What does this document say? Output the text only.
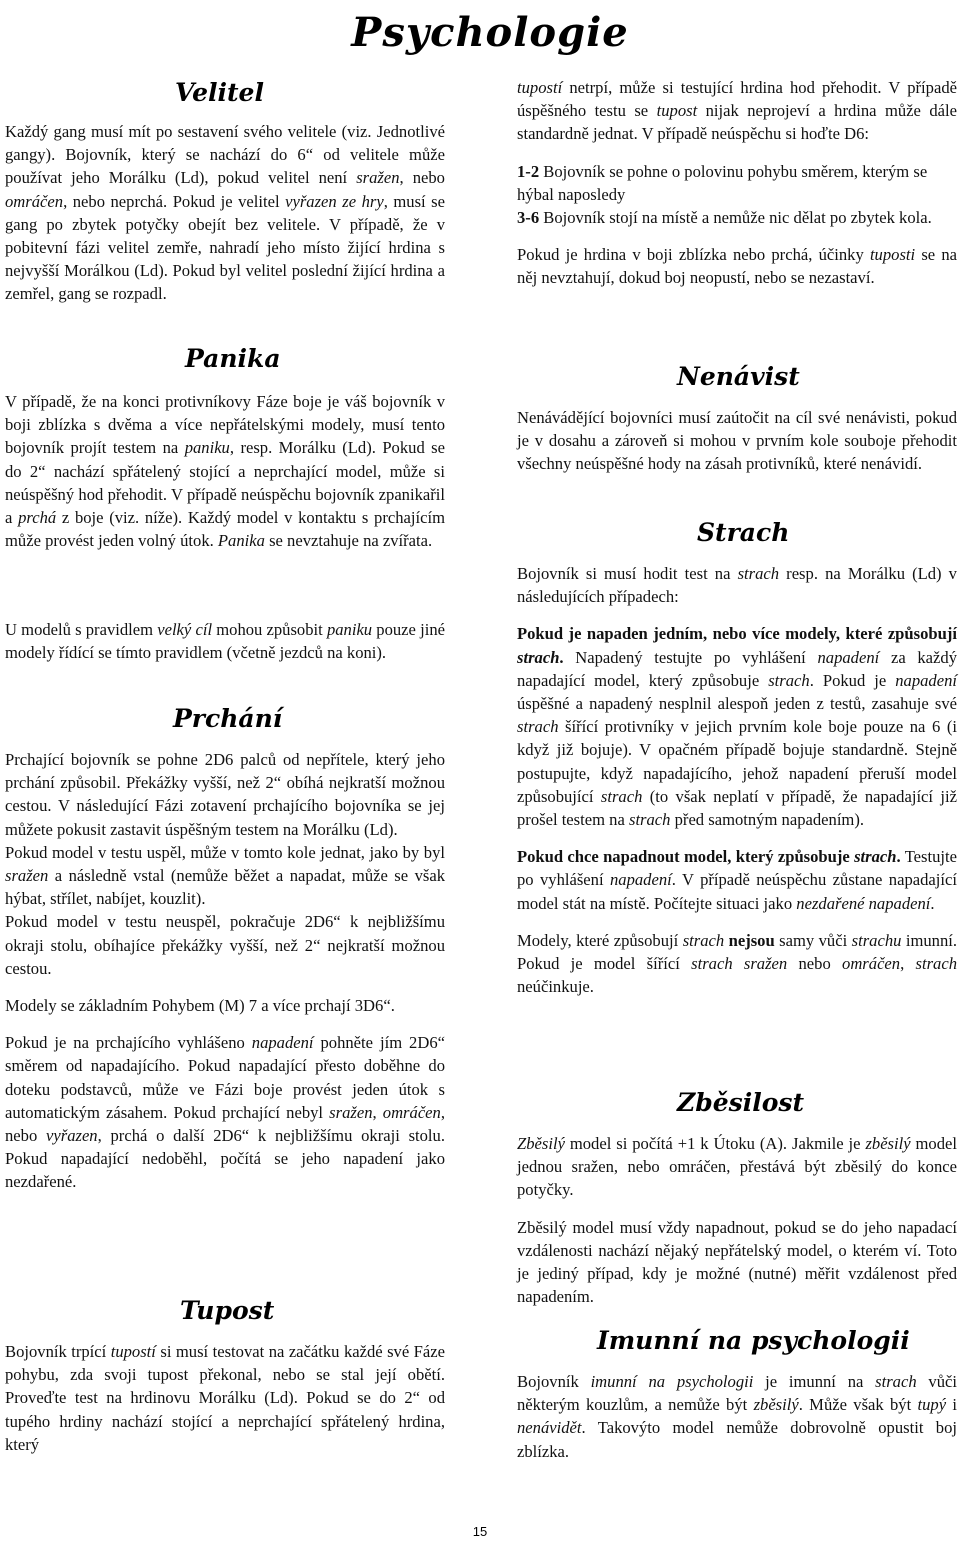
Psychologie
Velitel

Každý gang musí mít po sestavení svého velitele (viz. Jednotlivé gangy). Bojovník, který se nachází do 6“ od velitele může používat jeho Morálku (Ld), pokud velitel není sražen, nebo omráčen, nebo neprchá. Pokud je velitel vyřazen ze hry, musí se gang po zbytek potyčky obejít bez velitele. V případě, že v pobitevní fázi velitel zemře, nahradí jeho místo žijící hrdina s nejvyšší Morálkou (Ld). Pokud byl velitel poslední žijící hrdina a zemřel, gang se rozpadl.

Panika

V případě, že na konci protivníkovy Fáze boje je váš bojovník v boji zblízka s dvěma a více nepřátelskými modely, musí tento bojovník projít testem na paniku, resp. Morálku (Ld). Pokud se do 2“ nachází spřátelený stojící a neprchající model, může si neúspěšný hod přehodit. V případě neúspěchu bojovník zpanikařil a prchá z boje (viz. níže). Každý model v kontaktu s prchajícím může provést jeden volný útok. Panika se nevztahuje na zvířata.

U modelů s pravidlem velký cíl mohou způsobit paniku pouze jiné modely řídící se tímto pravidlem (včetně jezdců na koni).

Prchání

Prchající bojovník se pohne 2D6 palců od nepřítele, který jeho prchání způsobil. Překážky vyšší, než 2“ obíhá nejkratší možnou cestou. V následující Fázi zotavení prchajícího bojovníka se jej můžete pokusit zastavit úspěšným testem na Morálku (Ld).

Pokud model v testu uspěl, může v tomto kole jednat, jako by byl sražen a následně vstal (nemůže běžet a napadat, může se však hýbat, střílet, nabíjet, kouzlit).

Pokud model v testu neuspěl, pokračuje 2D6“ k nejbližšímu okraji stolu, obíhajíce překážky vyšší, než 2“ nejkratší možnou cestou.

Modely se základním Pohybem (M) 7 a více prchají 3D6“.

Pokud je na prchajícího vyhlášeno napadení pohněte jím 2D6“ směrem od napadajícího. Pokud napadající přesto doběhne do doteku podstavců, může ve Fázi boje provést jeden útok s automatickým zásahem. Pokud prchající nebyl sražen, omráčen, nebo vyřazen, prchá o další 2D6“ k nejbližšímu okraji stolu. Pokud napadající nedoběhl, počítá se jeho napadení jako nezdařené.

Tupost

Bojovník trpící tupostí si musí testovat na začátku každé své Fáze pohybu, zda svoji tupost překonal, nebo se stal její obětí. Proveďte test na hrdinovu Morálku (Ld). Pokud se do 2“ od tupého hrdiny nachází stojící a neprchající spřátelený hrdina, který

tupostí netrpí, může si testující hrdina hod přehodit. V případě úspěšného testu se tupost nijak neprojeví a hrdina může dále standardně jednat. V případě neúspěchu si hoďte D6:

1-2 Bojovník se pohne o polovinu pohybu směrem, kterým se hýbal naposledy

3-6 Bojovník stojí na místě a nemůže nic dělat po zbytek kola.

Pokud je hrdina v boji zblízka nebo prchá, účinky tuposti se na něj nevztahují, dokud boj neopustí, nebo se nezastaví.

Nenávist

Nenávádějící bojovníci musí zaútočit na cíl své nenávisti, pokud je v dosahu a zároveň si mohou v prvním kole souboje přehodit všechny neúspěšné hody na zásah protivníků, které nenávidí.

Strach

Bojovník si musí hodit test na strach resp. na Morálku (Ld) v následujících případech:

Pokud je napaden jedním, nebo více modely, které způsobují strach. Napadený testujte po vyhlášení napadení za každý napadající model, který způsobuje strach. Pokud je napadení úspěšné a napadený nesplnil alespoň jeden z testů, zasahuje své strach šířící protivníky v jejich prvním kole boje pouze na 6 (i když již bojuje). V opačném případě bojuje standardně. Stejně postupujte, když napadajícího, jehož napadení přeruší model způsobující strach (to však neplatí v případě, že napadající již prošel testem na strach před samotným napadením).

Pokud chce napadnout model, který způsobuje strach. Testujte po vyhlášení napadení. V případě neúspěchu zůstane napadající model stát na místě. Počítejte situaci jako nezdařené napadení.

Modely, které způsobují strach nejsou samy vůči strachu imunní. Pokud je model šířící strach sražen nebo omráčen, strach neúčinkuje.

Zběsilost

Zběsilý model si počítá +1 k Útoku (A). Jakmile je zběsilý model jednou sražen, nebo omráčen, přestává být zběsilý do konce potyčky.

Zběsilý model musí vždy napadnout, pokud se do jeho napadací vzdálenosti nachází nějaký nepřátelský model, o kterém ví. Toto je jediný případ, kdy je možné (nutné) měřit vzdálenost před napadením.

Imunní na psychologii

Bojovník imunní na psychologii je imunní na strach vůči některým kouzlům, a nemůže být zběsilý. Může však být tupý i nenávidět. Takovýto model nemůže dobrovolně opustit boj zblízka.

15
